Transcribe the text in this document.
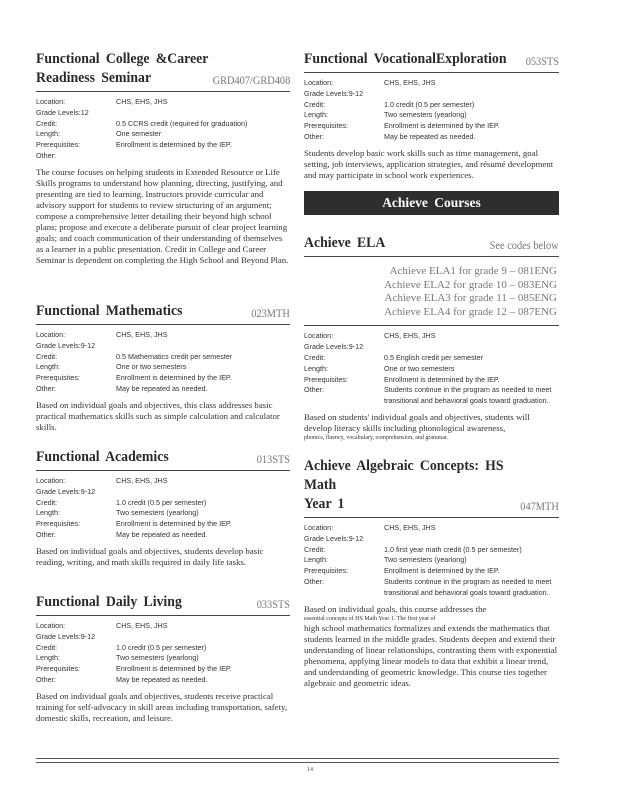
Functional College &Career
Readiness Seminar	GRD407/GRD408
Location:	CHS, EHS, JHS
Grade Levels:12
Credit:	0.5 CCRS credit (required for graduation)
Length:	One semester
Prerequisites:	Enrollment is determined by the IEP.
Other:
The course focuses on helping students in Extended Resource or Life Skills programs to understand how planning, directing, justifying, and presenting are tied to learning. Instructors provide curricular and advisory support for students to review structuring of an argument; compose a comprehensive letter detailing their beyond high school plans; propose and execute a deliberate pursuit of clear project learning goals; and coach communication of their understanding of themselves as a learner in a public presentation. Credit in College and Career Seminar is dependent on completing the High School and Beyond Plan.
Functional Mathematics	023MTH
Location:	CHS, EHS, JHS
Grade Levels:9-12
Credit:	0.5 Mathematics credit per semester
Length:	One or two semesters
Prerequisites:	Enrollment is determined by the IEP.
Other:	May be repeated as needed.
Based on individual goals and objectives, this class addresses basic practical mathematics skills such as simple calculation and calculator skills.
Functional Academics	013STS
Location:	CHS, EHS, JHS
Grade Levels:9-12
Credit:	1.0 credit (0.5 per semester)
Length:	Two semesters (yearlong)
Prerequisites:	Enrollment is determined by the IEP.
Other:	May be repeated as needed.
Based on individual goals and objectives, students develop basic reading, writing, and math skills required in daily life tasks.
Functional Daily Living	033STS
Location:	CHS, EHS, JHS
Grade Levels:9-12
Credit:	1.0 credit (0.5 per semester)
Length:	Two semesters (yearlong)
Prerequisites:	Enrollment is determined by the IEP.
Other:	May be repeated as needed.
Based on individual goals and objectives, students receive practical training for self-advocacy in skill areas including transportation, safety, domestic skills, recreation, and leisure.
Functional VocationalExploration	053STS
Location:	CHS, EHS, JHS
Grade Levels:9-12
Credit:	1.0 credit (0.5 per semester)
Length:	Two semesters (yearlong)
Prerequisites:	Enrollment is determined by the IEP.
Other:	May be repeated as needed.
Students develop basic work skills such as time management, goal setting, job interviews, application strategies, and résumé development and may participate in school work experiences.
Achieve Courses
Achieve ELA	See codes below
Achieve ELA1 for grade 9 – 081ENG
Achieve ELA2 for grade 10 – 083ENG
Achieve ELA3 for grade 11 – 085ENG
Achieve ELA4 for grade 12 – 087ENG
Location:	CHS, EHS, JHS
Grade Levels:9-12
Credit:	0.5 English credit per semester
Length:	One or two semesters
Prerequisites:	Enrollment is determined by the IEP.
Other:	Students continue in the program as needed to meet transitional and behavioral goals toward graduation.
Based on students' individual goals and objectives, students will develop literacy skills including phonological awareness,
phonics, fluency, vocabulary, comprehension, and grammar.
Achieve Algebraic Concepts: HS Math
Year 1	047MTH
Location:	CHS, EHS, JHS
Grade Levels:9-12
Credit:	1.0 first year math credit (0.5 per semester)
Length:	Two semesters (yearlong)
Prerequisites:	Enrollment is determined by the IEP.
Other:	Students continue in the program as needed to meet transitional and behavioral goals toward graduation.
Based on individual goals, this course addresses the
essential concepts of HS Math Year 1. The first year of
high school mathematics formalizes and extends the mathematics that students learned in the middle grades. Students deepen and extend their understanding of linear relationships, contrasting them with exponential phenomena, applying linear models to data that exhibit a linear trend, and understanding of geometric knowledge. This course ties together algebraic and geometric ideas.
14
